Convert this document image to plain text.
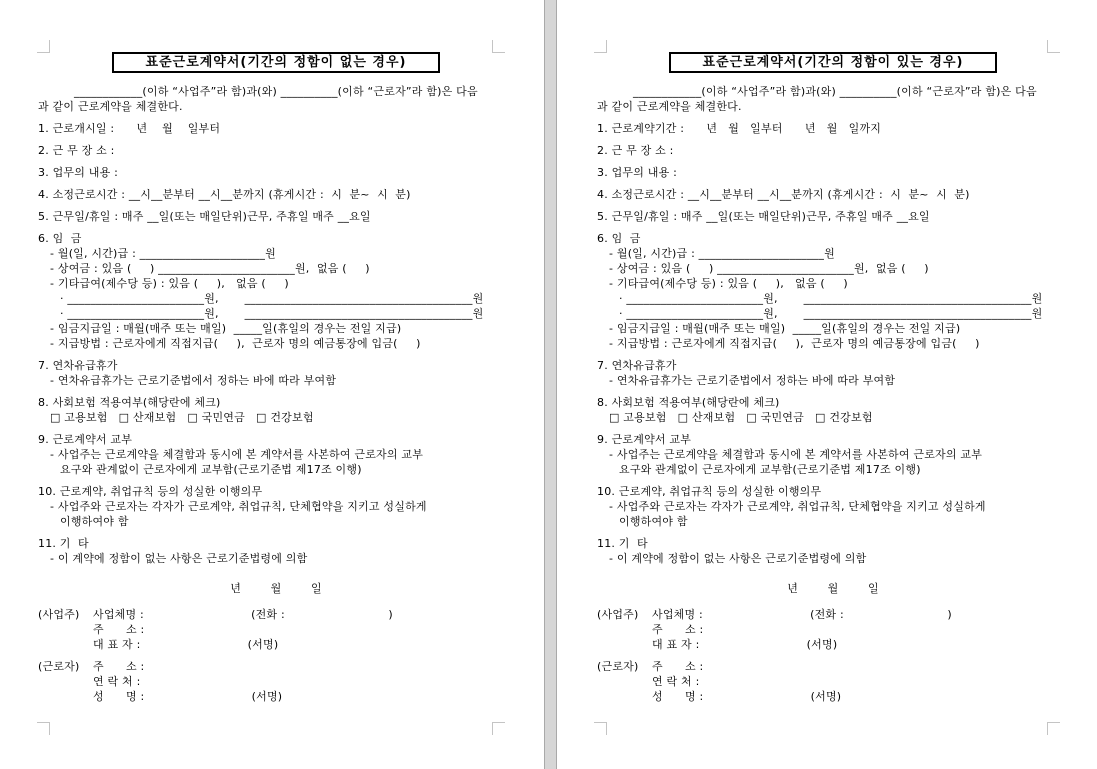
표준근로계약서(기간의 정함이 없는 경우)
____________(이하 “사업주”라 함)과(와) __________(이하 “근로자”라 함)은 다음
과 같이 근로계약을 체결한다.
1. 근로개시일 :      년    월    일부터
2. 근 무 장 소 :
3. 업무의 내용 :
4. 소정근로시간 : __시__분부터 __시__분까지 (휴게시간 :  시  분~  시  분)
5. 근무일/휴일 : 매주 __일(또는 매일단위)근무, 주휴일 매주 __요일
6. 임  금
- 월(일, 시간)급 : ______________________원
- 상여금 : 있음 (     ) ________________________원,  없음 (     )
- 기타급여(제수당 등) : 있음 (     ),   없음 (     )
· ________________________원,       ________________________________________원
· ________________________원,       ________________________________________원
- 임금지급일 : 매월(매주 또는 매일)  _____일(휴일의 경우는 전일 지급)
- 지급방법 : 근로자에게 직접지급(     ),  근로자 명의 예금통장에 입금(     )
7. 연차유급휴가
- 연차유급휴가는 근로기준법에서 정하는 바에 따라 부여함
8. 사회보험 적용여부(해당란에 체크)
□ 고용보험   □ 산재보험   □ 국민연금   □ 건강보험
9. 근로계약서 교부
- 사업주는 근로계약을 체결함과 동시에 본 계약서를 사본하여 근로자의 교부
요구와 관계없이 근로자에게 교부함(근로기준법 제17조 이행)
10. 근로계약, 취업규칙 등의 성실한 이행의무
- 사업주와 근로자는 각자가 근로계약, 취업규칙, 단체협약을 지키고 성실하게
이행하여야 함
11. 기  타
- 이 계약에 정함이 없는 사항은 근로기준법령에 의함
년        월        일
(사업주) 사업체명 :                             (전화 :                            )
주      소 :
대 표 자 :                             (서명)
(근로자) 주      소 :
연 락 처 :
성      명 :                             (서명)
표준근로계약서(기간의 정함이 있는 경우)
____________(이하 “사업주”라 함)과(와) __________(이하 “근로자”라 함)은 다음
과 같이 근로계약을 체결한다.
1. 근로계약기간 :      년   월   일부터      년   월   일까지
2. 근 무 장 소 :
3. 업무의 내용 :
4. 소정근로시간 : __시__분부터 __시__분까지 (휴게시간 :  시  분~  시  분)
5. 근무일/휴일 : 매주 __일(또는 매일단위)근무, 주휴일 매주 __요일
6. 임  금
- 월(일, 시간)급 : ______________________원
- 상여금 : 있음 (     ) ________________________원,  없음 (     )
- 기타급여(제수당 등) : 있음 (     ),   없음 (     )
· ________________________원,       ________________________________________원
· ________________________원,       ________________________________________원
- 임금지급일 : 매월(매주 또는 매일)  _____일(휴일의 경우는 전일 지급)
- 지급방법 : 근로자에게 직접지급(     ),  근로자 명의 예금통장에 입금(     )
7. 연차유급휴가
- 연차유급휴가는 근로기준법에서 정하는 바에 따라 부여함
8. 사회보험 적용여부(해당란에 체크)
□ 고용보험   □ 산재보험   □ 국민연금   □ 건강보험
9. 근로계약서 교부
- 사업주는 근로계약을 체결함과 동시에 본 계약서를 사본하여 근로자의 교부
요구와 관계없이 근로자에게 교부함(근로기준법 제17조 이행)
10. 근로계약, 취업규칙 등의 성실한 이행의무
- 사업주와 근로자는 각자가 근로계약, 취업규칙, 단체협약을 지키고 성실하게
이행하여야 함
11. 기  타
- 이 계약에 정함이 없는 사항은 근로기준법령에 의함
년        월        일
(사업주) 사업체명 :                             (전화 :                            )
주      소 :
대 표 자 :                             (서명)
(근로자) 주      소 :
연 락 처 :
성      명 :                             (서명)
